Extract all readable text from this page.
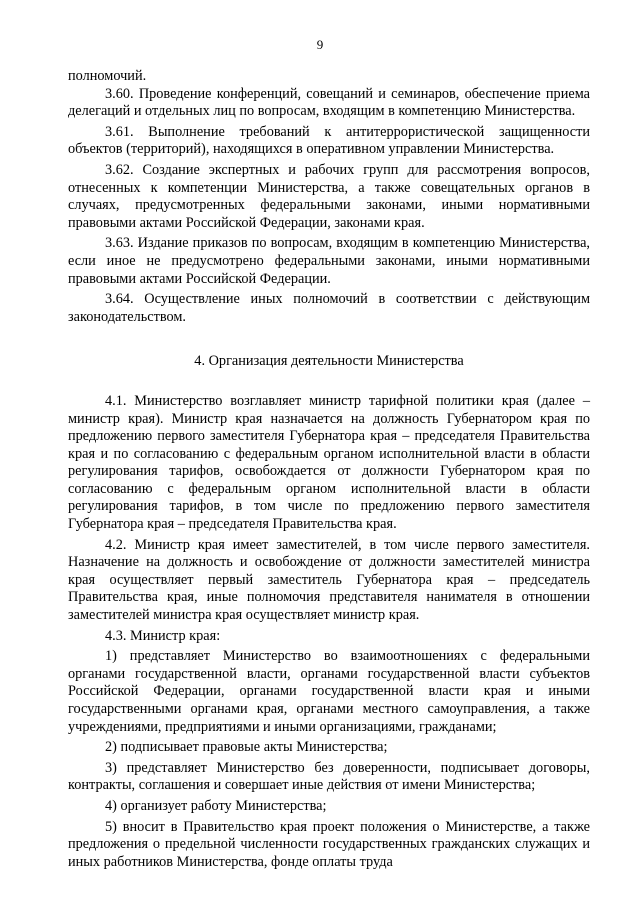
9

полномочий.

3.60. Проведение конференций, совещаний и семинаров, обеспечение приема делегаций и отдельных лиц по вопросам, входящим в компетенцию Министерства.

3.61. Выполнение требований к антитеррористической защищенности объектов (территорий), находящихся в оперативном управлении Министерства.

3.62. Создание экспертных и рабочих групп для рассмотрения вопросов, отнесенных к компетенции Министерства, а также совещательных органов в случаях, предусмотренных федеральными законами, иными нормативными правовыми актами Российской Федерации, законами края.

3.63. Издание приказов по вопросам, входящим в компетенцию Министерства, если иное не предусмотрено федеральными законами, иными нормативными правовыми актами Российской Федерации.

3.64. Осуществление иных полномочий в соответствии с действующим законодательством.

4. Организация деятельности Министерства

4.1. Министерство возглавляет министр тарифной политики края (далее – министр края). Министр края назначается на должность Губернатором края по предложению первого заместителя Губернатора края – председателя Правительства края и по согласованию с федеральным органом исполнительной власти в области регулирования тарифов, освобождается от должности Губернатором края по согласованию с федеральным органом исполнительной власти в области регулирования тарифов, в том числе по предложению первого заместителя Губернатора края – председателя Правительства края.

4.2. Министр края имеет заместителей, в том числе первого заместителя. Назначение на должность и освобождение от должности заместителей министра края осуществляет первый заместитель Губернатора края – председатель Правительства края, иные полномочия представителя нанимателя в отношении заместителей министра края осуществляет министр края.

4.3. Министр края:

1) представляет Министерство во взаимоотношениях с федеральными органами государственной власти, органами государственной власти субъектов Российской Федерации, органами государственной власти края и иными государственными органами края, органами местного самоуправления, а также учреждениями, предприятиями и иными организациями, гражданами;

2) подписывает правовые акты Министерства;

3) представляет Министерство без доверенности, подписывает договоры, контракты, соглашения и совершает иные действия от имени Министерства;

4) организует работу Министерства;

5) вносит в Правительство края проект положения о Министерстве, а также предложения о предельной численности государственных гражданских служащих и иных работников Министерства, фонде оплаты труда
